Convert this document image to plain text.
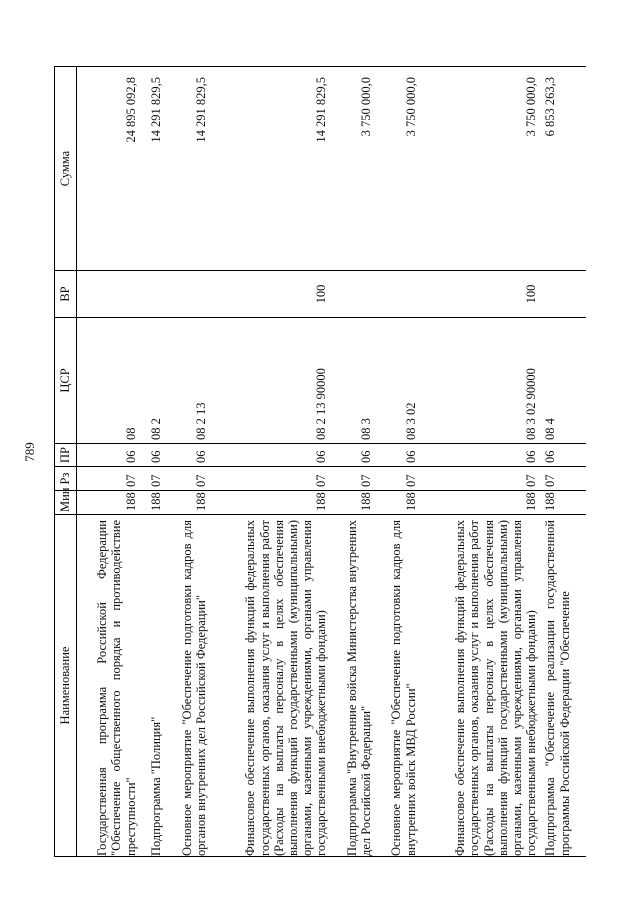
789
Наименование	Мин	Рз	ПР	ЦСР	ВР	Сумма
Государственная программа Российской Федерации "Обеспечение общественного порядка и противодействие преступности"	188	07	06	08		24 895 092,8
Подпрограмма "Полиция"	188	07	06	08 2		14 291 829,5
Основное мероприятие "Обеспечение подготовки кадров для органов внутренних дел Российской Федерации"	188	07	06	08 2 13		14 291 829,5
Финансовое обеспечение выполнения функций федеральных государственных органов, оказания услуг и выполнения работ (Расходы на выплаты персоналу в целях обеспечения выполнения функций государственными (муниципальными) органами, казенными учреждениями, органами управления государственными внебюджетными фондами)	188	07	06	08 2 13 90000	100	14 291 829,5
Подпрограмма "Внутренние войска Министерства внутренних дел Российской Федерации"	188	07	06	08 3		3 750 000,0
Основное мероприятие "Обеспечение подготовки кадров для внутренних войск МВД России"	188	07	06	08 3 02		3 750 000,0
Финансовое обеспечение выполнения функций федеральных государственных органов, оказания услуг и выполнения работ (Расходы на выплаты персоналу в целях обеспечения выполнения функций государственными (муниципальными) органами, казенными учреждениями, органами управления государственными внебюджетными фондами)	188	07	06	08 3 02 90000	100	3 750 000,0
Подпрограмма "Обеспечение реализации государственной программы Российской Федерации "Обеспечение	188	07	06	08 4		6 853 263,3
